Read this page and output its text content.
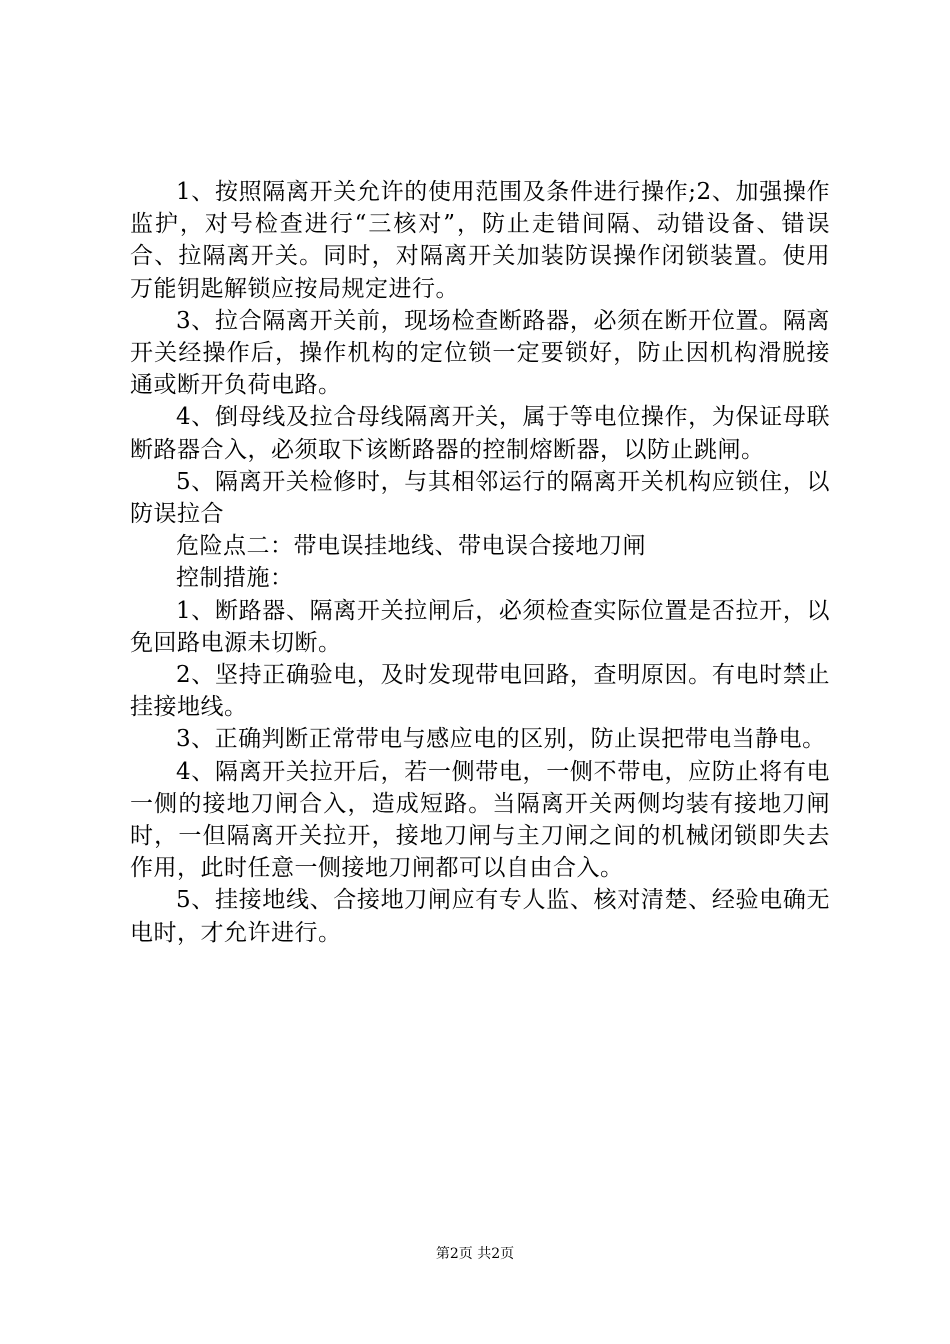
1、按照隔离开关允许的使用范围及条件进行操作;2、加强操作监护，对号检查进行“三核对”，防止走错间隔、动错设备、错误合、拉隔离开关。同时，对隔离开关加装防误操作闭锁装置。使用万能钥匙解锁应按局规定进行。

3、拉合隔离开关前，现场检查断路器，必须在断开位置。隔离开关经操作后，操作机构的定位锁一定要锁好，防止因机构滑脱接通或断开负荷电路。

4、倒母线及拉合母线隔离开关，属于等电位操作，为保证母联断路器合入，必须取下该断路器的控制熔断器，以防止跳闸。

5、隔离开关检修时，与其相邻运行的隔离开关机构应锁住，以防误拉合

危险点二：带电误挂地线、带电误合接地刀闸

控制措施：

1、断路器、隔离开关拉闸后，必须检查实际位置是否拉开，以免回路电源未切断。

2、坚持正确验电，及时发现带电回路，查明原因。有电时禁止挂接地线。

3、正确判断正常带电与感应电的区别，防止误把带电当静电。

4、隔离开关拉开后，若一侧带电，一侧不带电，应防止将有电一侧的接地刀闸合入，造成短路。当隔离开关两侧均装有接地刀闸时，一但隔离开关拉开，接地刀闸与主刀闸之间的机械闭锁即失去作用，此时任意一侧接地刀闸都可以自由合入。

5、挂接地线、合接地刀闸应有专人监、核对清楚、经验电确无电时，才允许进行。

第2页 共2页
